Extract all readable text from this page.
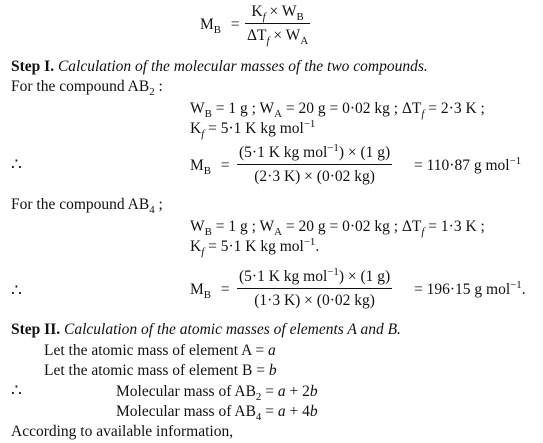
$M_B$ =
$K_f \times W_B$
$\Delta T_f \times W_A$
Step I. Calculation of the molecular masses of the two compounds.
For the compound $AB_2$ :
$W_B = 1$ g ; $W_A = 20$ g = 0·02 kg ; $\Delta T_f = 2\cdot 3$ K ;
$K_f = 5\cdot 1$ K kg mol$^{-1}$
∴	$M_B$ =
(5·1 K kg mol$^{-1}$) × (1 g)
(2·3 K) × (0·02 kg)
= 110·87 g mol$^{-1}$
For the compound $AB_4$ ;
$W_B = 1$ g ; $W_A = 20$ g = 0·02 kg ; $\Delta T_f = 1\cdot 3$ K ;
$K_f = 5\cdot 1$ K kg mol$^{-1}$.
∴	$M_B$ =
(5·1 K kg mol$^{-1}$) × (1 g)
(1·3 K) × (0·02 kg)
= 196·15 g mol$^{-1}$.
Step II. Calculation of the atomic masses of elements A and B.
Let the atomic mass of element A = a
Let the atomic mass of element B = b
∴	Molecular mass of $AB_2 = a + 2b$
Molecular mass of $AB_4 = a + 4b$
According to available information,
